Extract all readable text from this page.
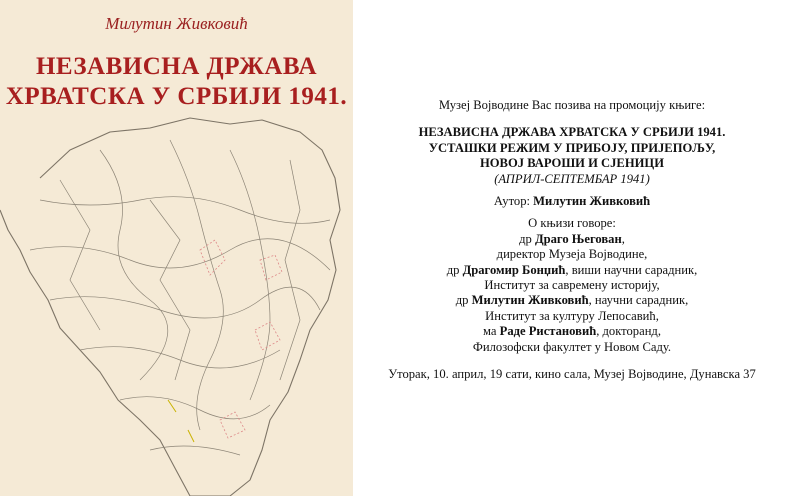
Милутин Живковић
НЕЗАВИСНА ДРЖАВА
ХРВАТСКА У СРБИЈИ 1941.	Музеј Војводине Вас позива на промоцију књиге:
НЕЗАВИСНА ДРЖАВА ХРВАТСКА У СРБИЈИ 1941.
УСТАШКИ РЕЖИМ У ПРИБОЈУ, ПРИЈЕПОЉУ,
НОВОЈ ВАРОШИ И СЈЕНИЦИ
(АПРИЛ-СЕПТЕМБАР 1941)
Аутор: Милутин Живковић
О књизи говоре:
др Драго Његован,
директор Музеја Војводине,
др Драгомир Бонџић, виши научни сарадник,
Институт за савремену историју,
др Милутин Живковић, научни сарадник,
Институт за културу Лепосавић,
ма Раде Ристановић, докторанд,
Филозофски факултет у Новом Саду.
Уторак, 10. април, 19 сати, кино сала, Музеј Војводине, Дунавска 37
